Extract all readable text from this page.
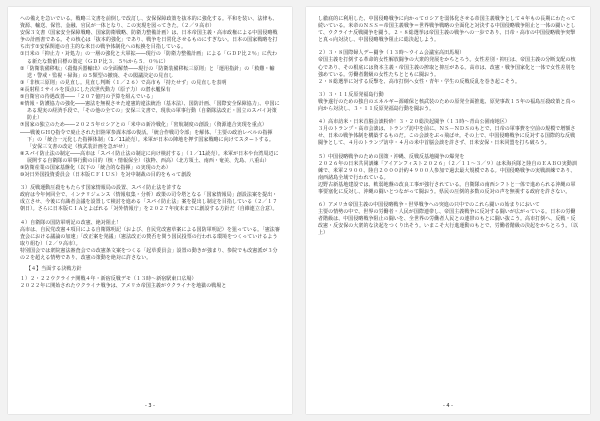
への備えを急いでいる。戦略三文書を前倒しで改訂し、安保保障政策を抜本的に強化する。平和を装い、法律も、資源、輸送、保管、金融、官民が一体となり、この実現を図ってきた。（２／９高市）

安保３文書（国家安全保障戦略、国家防衛戦略、防衛力整備計画）は、日本帝国主義・高市政権による中国侵略戦争の計画書である。その核心は「抜本的強化」であり、戦争を日常化させるものにすぎない。日本の国家戦略を打ち出す①安保関連の自主的な米日の戦争体制化への転換を目指している。

①日米の「抑止力・対処力」の一層の強化と大軍拡――現行の「防衛力整備計画」による「ＧＤＰ比２％」に代わる新たな数値目標の策定（ＧＤＰ比３．５％から５．０％に）
②「防衛装備移転」（殺傷兵器輸出）の全面解禁――現行の「防衛装備移転三原則」と「運用指針」の「救難・輸送・警戒・監視・掃海」の５類型の撤廃、その閣議決定の見直し
③「非核三原則」の見直し。見直し判断（１／２６）で高市も「持たせず」の見直しを表明
④長射程ミサイルを頂点にした次世代動力（原子力）の潜水艦保有
⑤自衛官の待遇改善――「２０７億円の予算を組んでいる」
⑥情報・防護協力の強化――憲法を無視させた違憲的違法統治（基本法）、国防計画、「国際安全保障協力」、中国にある現実の経済手段で、「その他の全ての」安保三文書で、現状の軍事行動（自衛隊法改正・国立のスパイ対策防止）
⑦国家の独立のため――２０２５年ロシアとの「米中の新冷戦化」「密航制度の創設」（資源連合実現を重点）
――戦後ＧＨＱ指令で廃止された旧陸軍参謀本部の復活。「統合作戦司令部」を解体、「主要の政治レベルの指揮下」の「統合一元化した指揮体制」（1／11読売）。米軍が日本の陣地を押す国家戦略に向けてスタートする。「安保三文書の改定（核武装計画を急がせ）」
⑧スパイ防止法の制定――高市は「スパイ防止法の制定に向け検討する」（１／11読売）。米軍が日本や台湾周辺に展開する自衛隊の軍事行動の目的（核・情報保全）（抜粋、西高）（北方領土、南西・奄美、先島、八重山）
⑨防衛産業の国家基盤化（以下の「統合的な指揮」の実現のため）
⑩対日外国投資委員会（日本版ＣＦＩＵＳ）を対中制裁の目的をもって創設
３）反戦運動圧殺をもたらす国家情報局の設置、スパイ防止法を許すな

政府は今年何回全で、インテリジェンス（情報収集・分析）政策の司令塔となる「国家情報局」創設法案を提出・成立させ、今後に有識者会議を設置して検討を進める「スパイ防止法」案を提出し制定を目指している（２／１７朝日）。さらに日本版ＣＩＡとよばれる「対外情報庁」を２０２７年度末までに創設する方針だ（自維連立合意）。

４）自衛隊の国防軍明記の改憲、絶対阻止！

高市は、自民党改憲４項目による自衛隊明記（および、自民党改憲草案による国防軍明記）を狙っている。「憲法審査会における議論の加速」「改正案を発議」（憲法改正の賛否を問う国民投票の行われる環境をつくっていけるよう取り組む）（２／９高市）。

特別国会では衆院憲法審査会での改憲条文案をつくる「起草委員会」設置の動きが強まり、参院でも改憲派が３分の２を超える情勢であり、改憲の策動を絶対に許さない。

【４】当面する決戦方針
１）２・２２ウクライナ開戦４年・新宿反戦デモ（１３時～新宿駅東口広場）

２０２２年に開始されたウクライナ戦争は、アメリカ帝国主義がウクライナを地獄の戦場と

- 3 -

し徹底的に利用した、中国侵略戦争に向かってロシアを弱体化させる帝国主義戦争として４年もの長期にわたって続いている。米帝のＮＳＳ＝帝国主義戦争＝世界戦争戦略の全面化と対決する中国侵略戦争阻止と一体の闘いとして、ウクライナ反戦闘争を闘う。２・８総選挙は帝国主義の戦争への一歩であり、日帝・高市の中国侵略戦争突撃と真っ向対決し、中国侵略戦争阻止に総決起しよう。

２）３・８国際婦人デー闘争（１３時～ウイム会議室高田馬場）

帝国主義を打倒する革命的女性解放闘争の大衆的発展をかちとろう。女性差別・抑圧は、帝国主義の分断支配の核心であり、その根底には資本主義・帝国主義の搾取と抑圧がある。高市は、改憲・戦争国家化と一体で女性差別を強めている。労働者階級の女性たちとともに闘おう。

２・８総選挙に対する反撃を、高市打倒へ女性・青年・学生の反戦反乱を巻き起こそう。

３）３・１１反原発福島行動

戦争遂行のための独自のエネルギー源確保と核武装のための原発全面推進、原発事故１５年の福島圧殺政策と真っ向から対決し、３・１１反原発福島行動を闘おう。

４）高市訪米・日米首脳会談粉砕！３・２０総決起闘争（１３時～青山公園南地区）

３月のトランプ・高市会談は、トランプ訪中を前に、ＮＳ－ＮＤＳのもとで、日帝の軍事費を空前の規模で増額させ、日米の戦争体制を構築するものだ。この会談をぶっ飛ばせ。その上で、中国侵略戦争に反対する国際的な反戦闘争として、４月のトランプ訪中・４月の米中首脳会談を許さず、日米安保・日米同盟を打ち破ろう。

５）中国侵略戦争のための国策・沖縄、反戦反基地闘争の爆発を

２０２６年の日米共同訓練「アイアンフィスト２０２６」（２／１１～３／９）は米海兵隊と陸自のＥＡＢＯ実動訓練で、米軍２９００、陸自２０００計約４９００人参加で過去最大規模である。中国侵略戦争の実戦訓練であり、南西諸島全域で行われている。

辺野古新基地建設では、軟弱地盤の改良工事が強行されている。自衛隊の南西シフトと一体で進められる沖縄の軍事要塞化に反対し、沖縄の闘いとつながって闘おう。県民の圧倒的多数の反対の声を無視する政府を許さない。

６）アメリカ帝国主義の中国侵略戦争・世界戦争への突進の只中でのこれら闘いの始まりにおいて

主要の情勢の中で、世界の労働者・人民が国際連帯し、帝国主義戦争に反対する闘いが広がっている。日本の労働者階級は、中国侵略戦争阻止の闘いを、全世界の労働者人民との連帯のもとに闘い抜こう。高市打倒へ、反戦・反改憲・反安保の大衆的な決起をつくり出そう。いまこそ大行進運動のもとで、労働者階級の決起をかちとろう。（以上）

- 4 -
